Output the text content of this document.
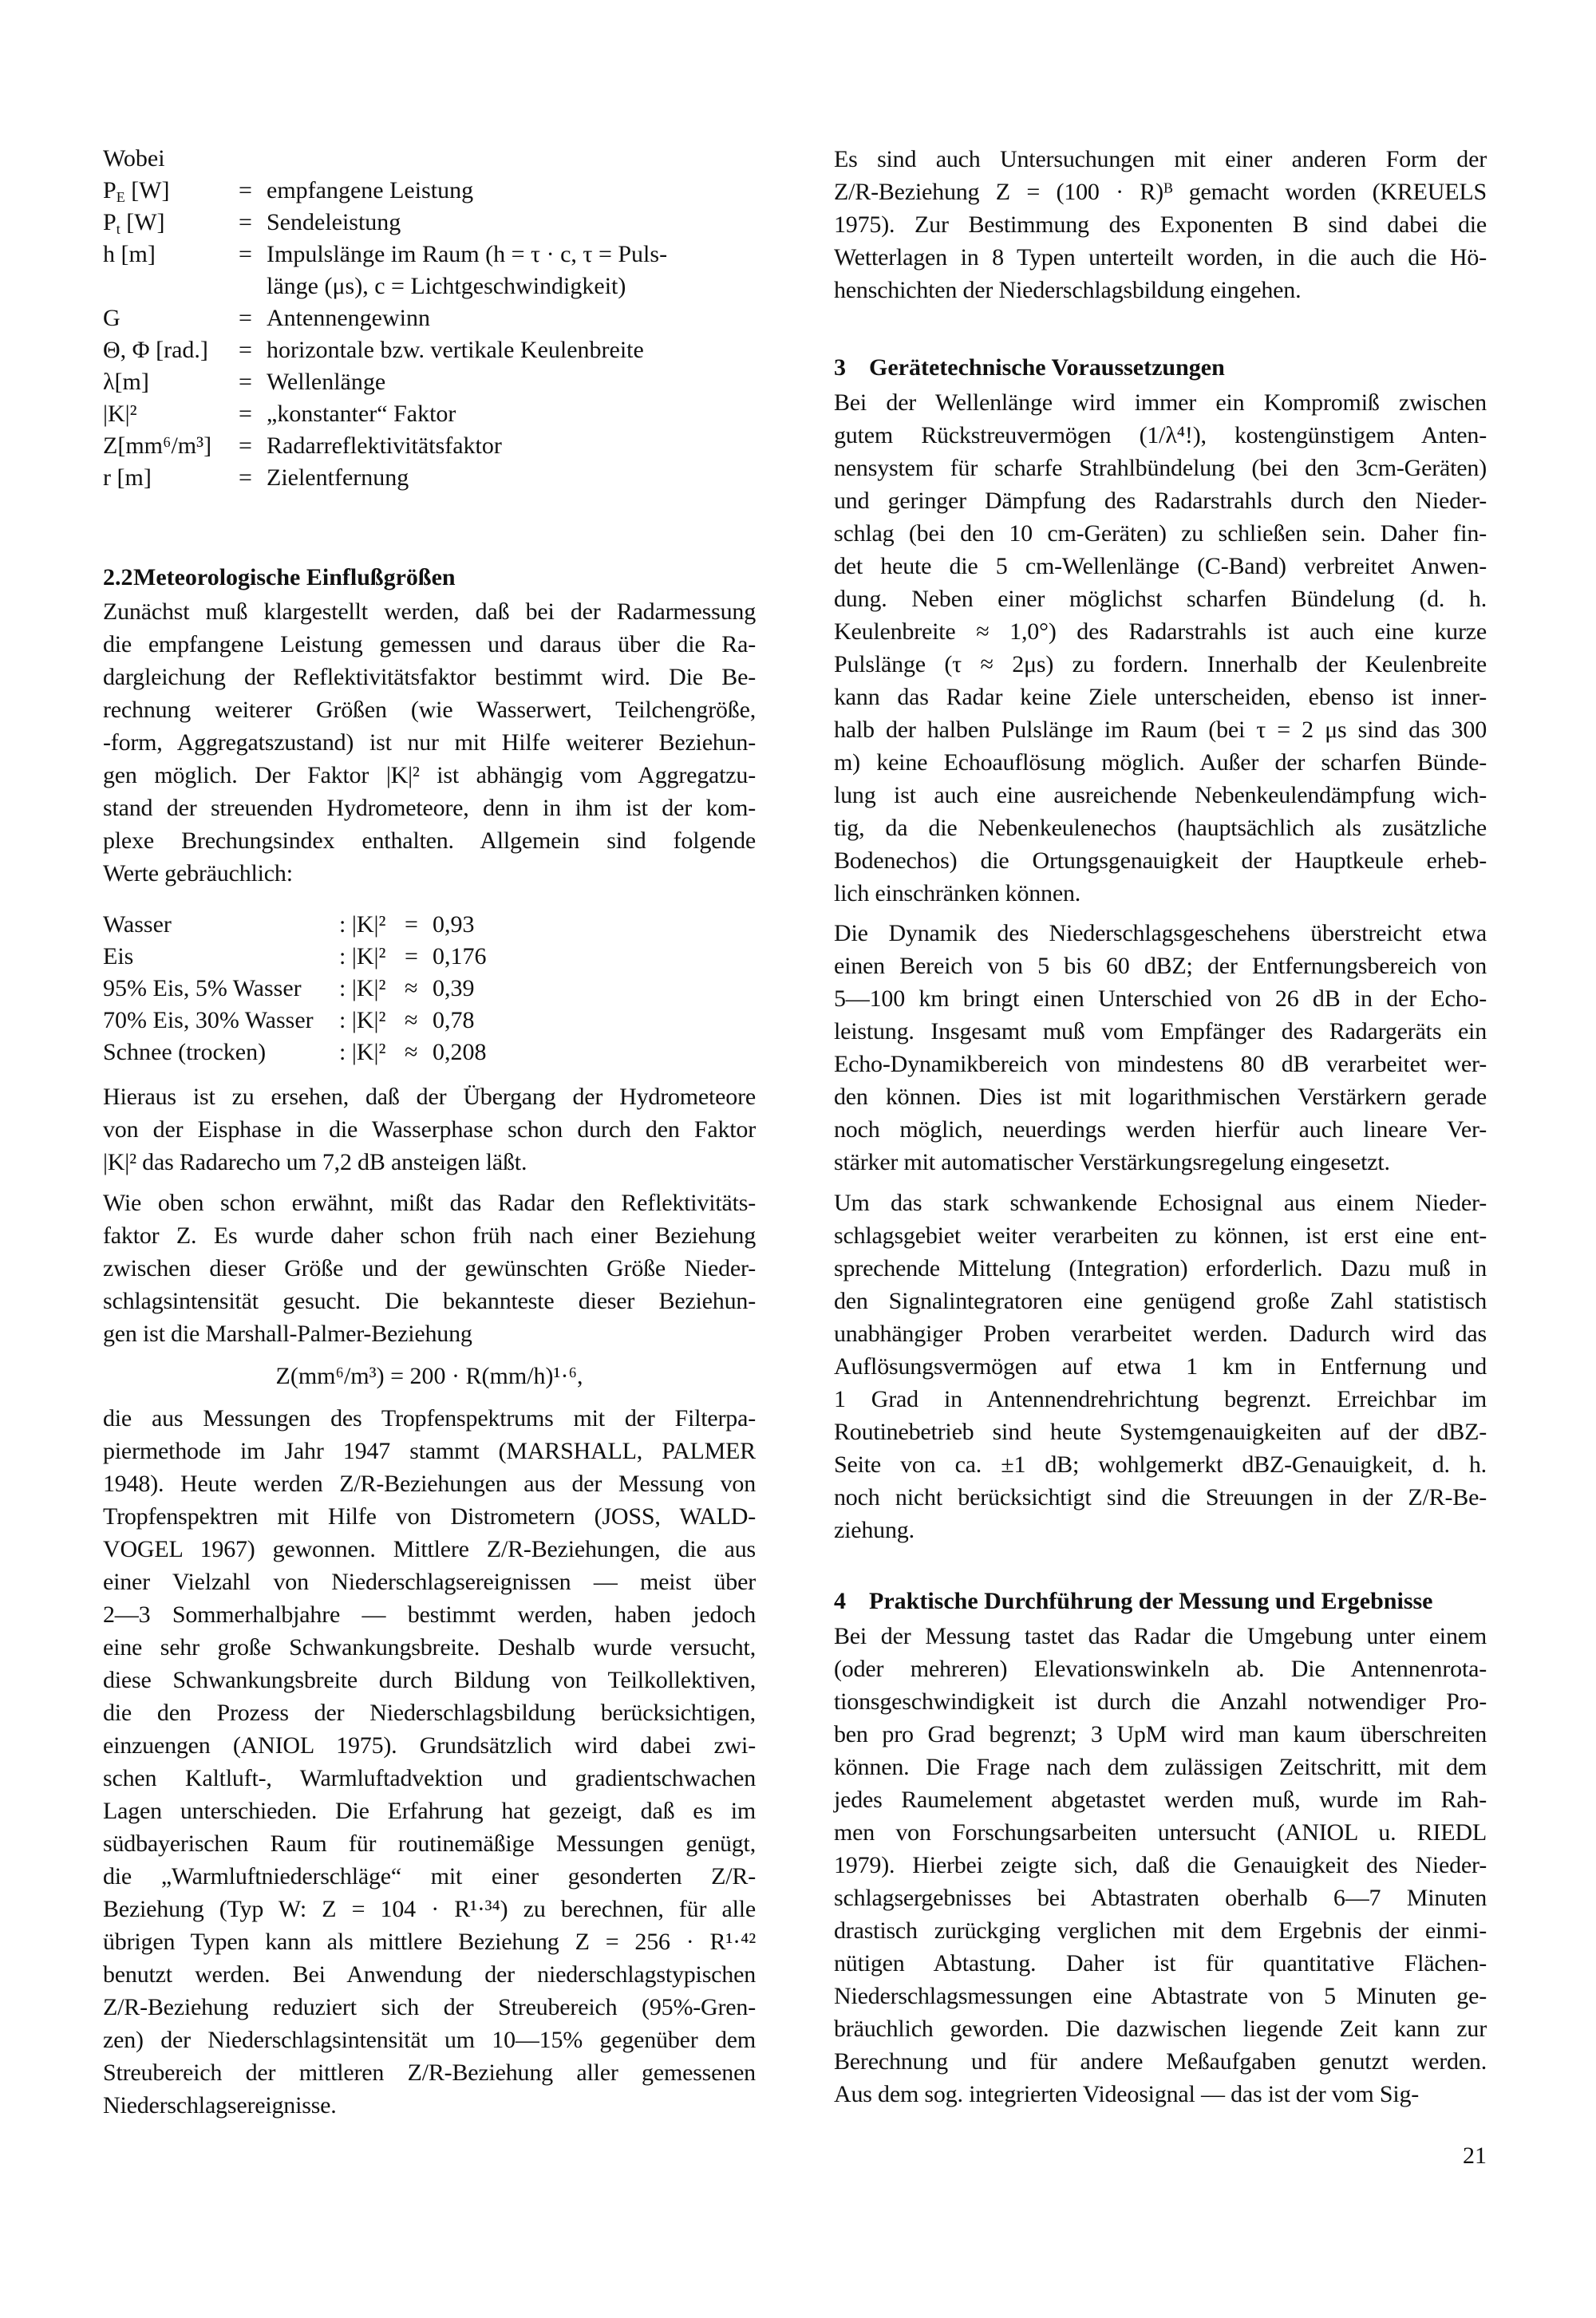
Wobei
$P_E$ [W]	= empfangene Leistung
$P_t$ [W]	= Sendeleistung
h [m]	= Impulslänge im Raum (h = τ · c, τ = Puls-
länge (μs), c = Lichtgeschwindigkeit)
G	= Antennengewinn
Θ, Φ [rad.] = horizontale bzw. vertikale Keulenbreite
λ[m]	= Wellenlänge
|K|²	= „konstanter“ Faktor
Z[mm⁶/m³] = Radarreflektivitätsfaktor
r [m]	= Zielentfernung
2.2Meteorologische Einflußgrößen
Zunächst muß klargestellt werden, daß bei der Radarmessung
die empfangene Leistung gemessen und daraus über die Ra-
dargleichung der Reflektivitätsfaktor bestimmt wird. Die Be-
rechnung weiterer Größen (wie Wasserwert, Teilchengröße,
-form, Aggregatszustand) ist nur mit Hilfe weiterer Beziehun-
gen möglich. Der Faktor |K|² ist abhängig vom Aggregatzu-
stand der streuenden Hydrometeore, denn in ihm ist der kom-
plexe Brechungsindex enthalten. Allgemein sind folgende
Werte gebräuchlich:
Wasser	: |K|² = 0,93
Eis	: |K|² = 0,176
95% Eis, 5% Wasser : |K|² ≈ 0,39
70% Eis, 30% Wasser : |K|² ≈ 0,78
Schnee (trocken)	: |K|² ≈ 0,208
Hieraus ist zu ersehen, daß der Übergang der Hydrometeore
von der Eisphase in die Wasserphase schon durch den Faktor
|K|² das Radarecho um 7,2 dB ansteigen läßt.
Wie oben schon erwähnt, mißt das Radar den Reflektivitäts-
faktor Z. Es wurde daher schon früh nach einer Beziehung
zwischen dieser Größe und der gewünschten Größe Nieder-
schlagsintensität gesucht. Die bekannteste dieser Beziehun-
gen ist die Marshall-Palmer-Beziehung
Z(mm⁶/m³) = 200 · R(mm/h)¹·⁶,
die aus Messungen des Tropfenspektrums mit der Filterpa-
piermethode im Jahr 1947 stammt (MARSHALL, PALMER
1948). Heute werden Z/R-Beziehungen aus der Messung von
Tropfenspektren mit Hilfe von Distrometern (JOSS, WALD-
VOGEL 1967) gewonnen. Mittlere Z/R-Beziehungen, die aus
einer Vielzahl von Niederschlagsereignissen — meist über
2—3 Sommerhalbjahre — bestimmt werden, haben jedoch
eine sehr große Schwankungsbreite. Deshalb wurde versucht,
diese Schwankungsbreite durch Bildung von Teilkollektiven,
die den Prozess der Niederschlagsbildung berücksichtigen,
einzuengen (ANIOL 1975). Grundsätzlich wird dabei zwi-
schen Kaltluft-, Warmluftadvektion und gradientschwachen
Lagen unterschieden. Die Erfahrung hat gezeigt, daß es im
südbayerischen Raum für routinemäßige Messungen genügt,
die „Warmluftniederschläge“ mit einer gesonderten Z/R-
Beziehung (Typ W: Z = 104 · R¹·³⁴) zu berechnen, für alle
übrigen Typen kann als mittlere Beziehung Z = 256 · R¹·⁴²
benutzt werden. Bei Anwendung der niederschlagstypischen
Z/R-Beziehung reduziert sich der Streubereich (95%-Gren-
zen) der Niederschlagsintensität um 10—15% gegenüber dem
Streubereich der mittleren Z/R-Beziehung aller gemessenen
Niederschlagsereignisse.
Es sind auch Untersuchungen mit einer anderen Form der
Z/R-Beziehung Z = (100 · R)ᴮ gemacht worden (KREUELS
1975). Zur Bestimmung des Exponenten B sind dabei die
Wetterlagen in 8 Typen unterteilt worden, in die auch die Hö-
henschichten der Niederschlagsbildung eingehen.
3 Gerätetechnische Voraussetzungen
Bei der Wellenlänge wird immer ein Kompromiß zwischen
gutem Rückstreuvermögen (1/λ⁴!), kostengünstigem Anten-
nensystem für scharfe Strahlbündelung (bei den 3cm-Geräten)
und geringer Dämpfung des Radarstrahls durch den Nieder-
schlag (bei den 10 cm-Geräten) zu schließen sein. Daher fin-
det heute die 5 cm-Wellenlänge (C-Band) verbreitet Anwen-
dung. Neben einer möglichst scharfen Bündelung (d. h.
Keulenbreite ≈ 1,0°) des Radarstrahls ist auch eine kurze
Pulslänge (τ ≈ 2μs) zu fordern. Innerhalb der Keulenbreite
kann das Radar keine Ziele unterscheiden, ebenso ist inner-
halb der halben Pulslänge im Raum (bei τ = 2 μs sind das 300
m) keine Echoauflösung möglich. Außer der scharfen Bünde-
lung ist auch eine ausreichende Nebenkeulendämpfung wich-
tig, da die Nebenkeulenechos (hauptsächlich als zusätzliche
Bodenechos) die Ortungsgenauigkeit der Hauptkeule erheb-
lich einschränken können.
Die Dynamik des Niederschlagsgeschehens überstreicht etwa
einen Bereich von 5 bis 60 dBZ; der Entfernungsbereich von
5—100 km bringt einen Unterschied von 26 dB in der Echo-
leistung. Insgesamt muß vom Empfänger des Radargeräts ein
Echo-Dynamikbereich von mindestens 80 dB verarbeitet wer-
den können. Dies ist mit logarithmischen Verstärkern gerade
noch möglich, neuerdings werden hierfür auch lineare Ver-
stärker mit automatischer Verstärkungsregelung eingesetzt.
Um das stark schwankende Echosignal aus einem Nieder-
schlagsgebiet weiter verarbeiten zu können, ist erst eine ent-
sprechende Mittelung (Integration) erforderlich. Dazu muß in
den Signalintegratoren eine genügend große Zahl statistisch
unabhängiger Proben verarbeitet werden. Dadurch wird das
Auflösungsvermögen auf etwa 1 km in Entfernung und
1 Grad in Antennendrehrichtung begrenzt. Erreichbar im
Routinebetrieb sind heute Systemgenauigkeiten auf der dBZ-
Seite von ca. ±1 dB; wohlgemerkt dBZ-Genauigkeit, d. h.
noch nicht berücksichtigt sind die Streuungen in der Z/R-Be-
ziehung.
4 Praktische Durchführung der Messung und Ergebnisse
Bei der Messung tastet das Radar die Umgebung unter einem
(oder mehreren) Elevationswinkeln ab. Die Antennenrota-
tionsgeschwindigkeit ist durch die Anzahl notwendiger Pro-
ben pro Grad begrenzt; 3 UpM wird man kaum überschreiten
können. Die Frage nach dem zulässigen Zeitschritt, mit dem
jedes Raumelement abgetastet werden muß, wurde im Rah-
men von Forschungsarbeiten untersucht (ANIOL u. RIEDL
1979). Hierbei zeigte sich, daß die Genauigkeit des Nieder-
schlagsergebnisses bei Abtastraten oberhalb 6—7 Minuten
drastisch zurückging verglichen mit dem Ergebnis der einmi-
nütigen Abtastung. Daher ist für quantitative Flächen-
Niederschlagsmessungen eine Abtastrate von 5 Minuten ge-
bräuchlich geworden. Die dazwischen liegende Zeit kann zur
Berechnung und für andere Meßaufgaben genutzt werden.
Aus dem sog. integrierten Videosignal — das ist der vom Sig-
21
